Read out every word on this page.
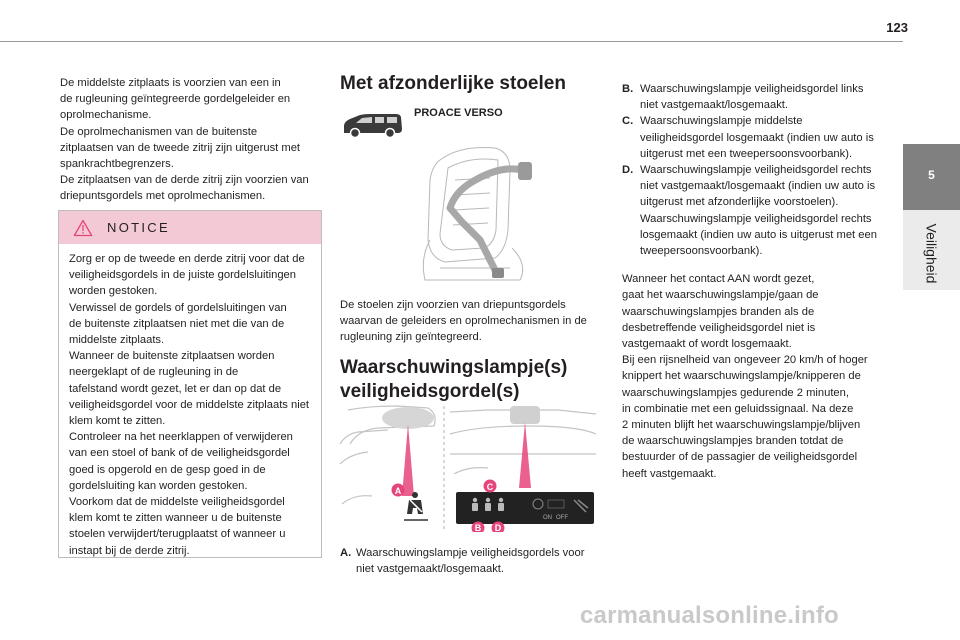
123
5
Veiligheid

De middelste zitplaats is voorzien van een in
de rugleuning geïntegreerde gordelgeleider en
oprolmechanisme.
De oprolmechanismen van de buitenste
zitplaatsen van de tweede zitrij zijn uitgerust met
spankrachtbegrenzers.
De zitplaatsen van de derde zitrij zijn voorzien van
driepuntsgordels met oprolmechanismen.

NOTICE
Zorg er op de tweede en derde zitrij voor dat de
veiligheidsgordels in de juiste gordelsluitingen
worden gestoken.
Verwissel de gordels of gordelsluitingen van
de buitenste zitplaatsen niet met die van de
middelste zitplaats.
Wanneer de buitenste zitplaatsen worden
neergeklapt of de rugleuning in de
tafelstand wordt gezet, let er dan op dat de
veiligheidsgordel voor de middelste zitplaats niet
klem komt te zitten.
Controleer na het neerklappen of verwijderen
van een stoel of bank of de veiligheidsgordel
goed is opgerold en de gesp goed in de
gordelsluiting kan worden gestoken.
Voorkom dat de middelste veiligheidsgordel
klem komt te zitten wanneer u de buitenste
stoelen verwijdert/terugplaatst of wanneer u
instapt bij de derde zitrij.
Met afzonderlijke stoelen
PROACE VERSO
De stoelen zijn voorzien van driepuntsgordels
waarvan de geleiders en oprolmechanismen in de
rugleuning zijn geïntegreerd.
Waarschuwingslampje(s)
veiligheidsgordel(s)
A
ON OFF
C
B D
A. Waarschuwingslampje veiligheidsgordels voor
niet vastgemaakt/losgemaakt.
B. Waarschuwingslampje veiligheidsgordel links
niet vastgemaakt/losgemaakt.
C. Waarschuwingslampje middelste
veiligheidsgordel losgemaakt (indien uw auto is
uitgerust met een tweepersoonsvoorbank).
D. Waarschuwingslampje veiligheidsgordel rechts
niet vastgemaakt/losgemaakt (indien uw auto is
uitgerust met afzonderlijke voorstoelen).
Waarschuwingslampje veiligheidsgordel rechts
losgemaakt (indien uw auto is uitgerust met een
tweepersoonsvoorbank).
Wanneer het contact AAN wordt gezet,
gaat het waarschuwingslampje/gaan de
waarschuwingslampjes branden als de
desbetreffende veiligheidsgordel niet is
vastgemaakt of wordt losgemaakt.
Bij een rijsnelheid van ongeveer 20 km/h of hoger
knippert het waarschuwingslampje/knipperen de
waarschuwingslampjes gedurende 2 minuten,
in combinatie met een geluidssignaal. Na deze
2 minuten blijft het waarschuwingslampje/blijven
de waarschuwingslampjes branden totdat de
bestuurder of de passagier de veiligheidsgordel
heeft vastgemaakt.
carmanualsonline.info
